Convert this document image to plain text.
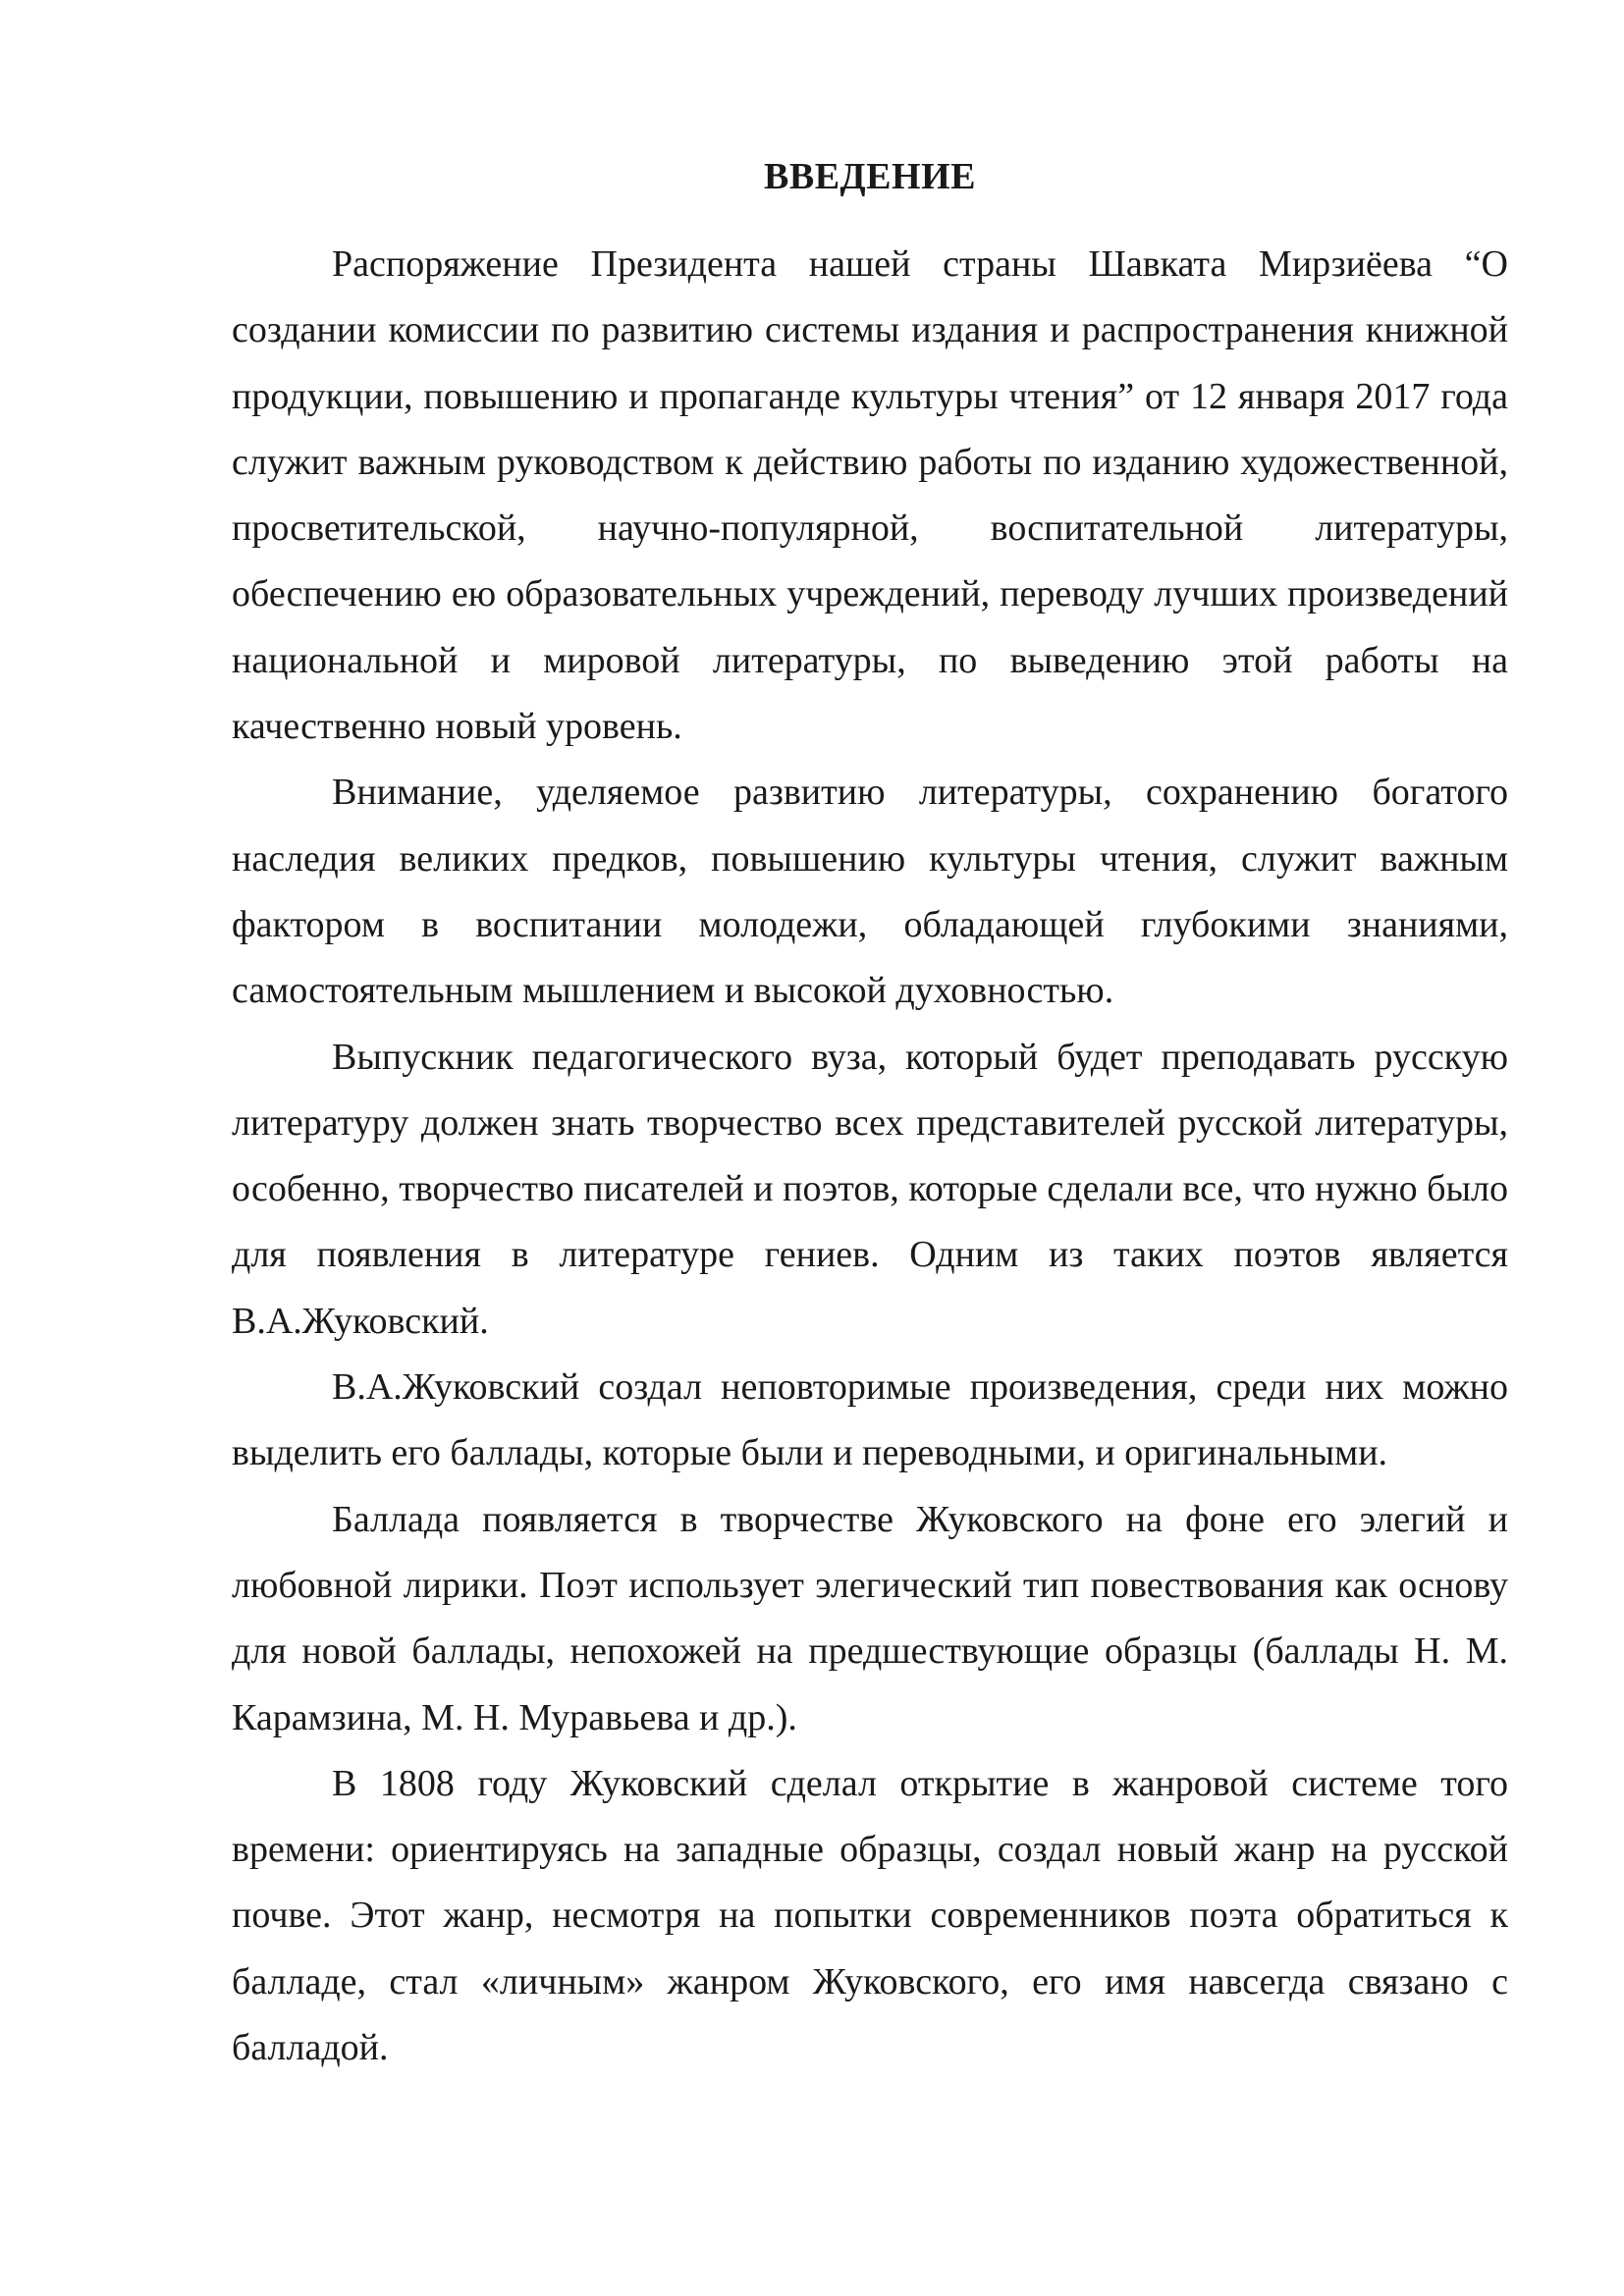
ВВЕДЕНИЕ

Распоряжение Президента нашей страны Шавката Мирзиёева “О создании комиссии по развитию системы издания и распространения книжной продукции, повышению и пропаганде культуры чтения” от 12 января 2017 года служит важным руководством к действию работы по изданию художественной, просветительской, научно-популярной, воспитательной литературы, обеспечению ею образовательных учреждений, переводу лучших произведений национальной и мировой литературы, по выведению этой работы на качественно новый уровень.

Внимание, уделяемое развитию литературы, сохранению богатого наследия великих предков, повышению культуры чтения, служит важным фактором в воспитании молодежи, обладающей глубокими знаниями, самостоятельным мышлением и высокой духовностью.

Выпускник педагогического вуза, который будет преподавать русскую литературу должен знать творчество всех представителей русской литературы, особенно, творчество писателей и поэтов, которые сделали все, что нужно было для появления в литературе гениев. Одним из таких поэтов является В.А.Жуковский.

В.А.Жуковский создал неповторимые произведения, среди них можно выделить его баллады, которые были и переводными, и оригинальными.

Баллада появляется в творчестве Жуковского на фоне его элегий и любовной лирики. Поэт использует элегический тип повествования как основу для новой баллады, непохожей на предшествующие образцы (баллады Н. М. Карамзина, М. Н. Муравьева и др.).

В 1808 году Жуковский сделал открытие в жанровой системе того времени: ориентируясь на западные образцы, создал новый жанр на русской почве. Этот жанр, несмотря на попытки современников поэта обратиться к балладе, стал «личным» жанром Жуковского, его имя навсегда связано с балладой.
